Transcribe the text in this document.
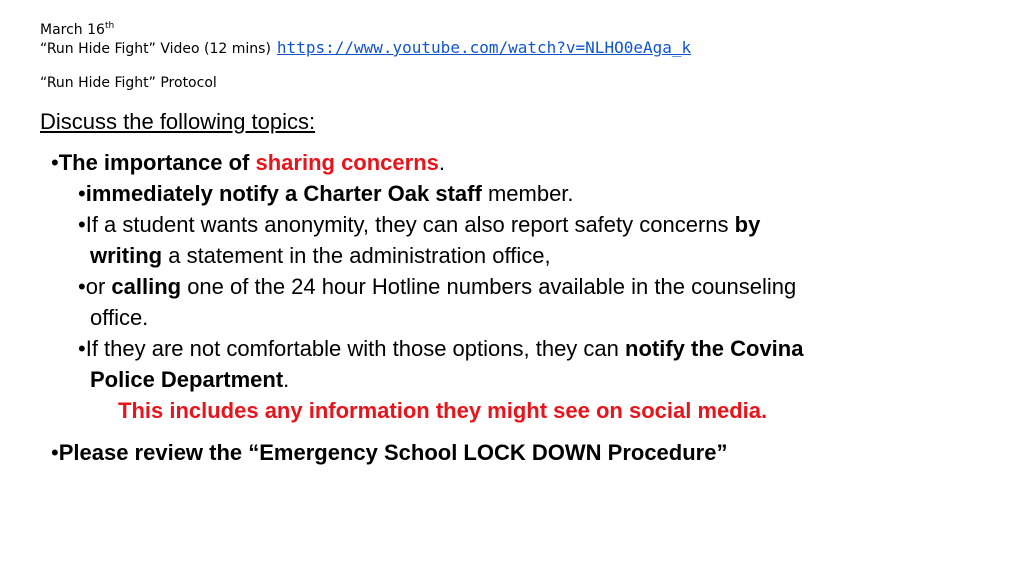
March 16th
“Run Hide Fight” Video (12 mins) https://www.youtube.com/watch?v=NLHO0eAga_k
“Run Hide Fight” Protocol
Discuss the following topics:
•The importance of sharing concerns.
•immediately notify a Charter Oak staff member.
•If a student wants anonymity, they can also report safety concerns by
writing a statement in the administration office,
•or calling one of the 24 hour Hotline numbers available in the counseling
office.
•If they are not comfortable with those options, they can notify the Covina
Police Department.
This includes any information they might see on social media.
•Please review the “Emergency School LOCK DOWN Procedure”
